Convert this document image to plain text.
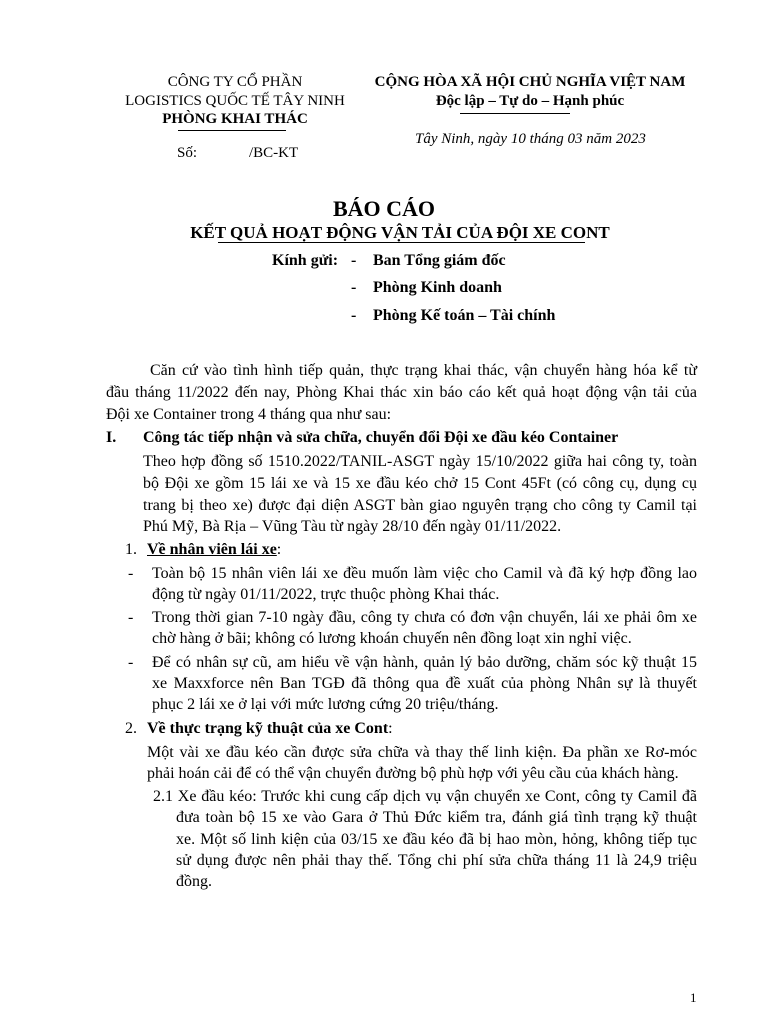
CÔNG TY CỔ PHẦN
LOGISTICS QUỐC TẾ TÂY NINH
PHÒNG KHAI THÁC
Số:	/BC-KT
CỘNG HÒA XÃ HỘI CHỦ NGHĨA VIỆT NAM
Độc lập – Tự do – Hạnh phúc
Tây Ninh, ngày 10 tháng 03 năm 2023
BÁO CÁO
KẾT QUẢ HOẠT ĐỘNG VẬN TẢI CỦA ĐỘI XE CONT
Kính gửi: - Ban Tổng giám đốc
- Phòng Kinh doanh
- Phòng Kế toán – Tài chính
Căn cứ vào tình hình tiếp quản, thực trạng khai thác, vận chuyển hàng hóa kể từ
đầu tháng 11/2022 đến nay, Phòng Khai thác xin báo cáo kết quả hoạt động vận tải của
Đội xe Container trong 4 tháng qua như sau:
I. Công tác tiếp nhận và sửa chữa, chuyển đổi Đội xe đầu kéo Container
Theo hợp đồng số 1510.2022/TANIL-ASGT ngày 15/10/2022 giữa hai công ty, toàn
bộ Đội xe gồm 15 lái xe và 15 xe đầu kéo chở 15 Cont 45Ft (có công cụ, dụng cụ
trang bị theo xe) được đại diện ASGT bàn giao nguyên trạng cho công ty Camil tại
Phú Mỹ, Bà Rịa – Vũng Tàu từ ngày 28/10 đến ngày 01/11/2022.
1. Về nhân viên lái xe:
- Toàn bộ 15 nhân viên lái xe đều muốn làm việc cho Camil và đã ký hợp đồng lao
động từ ngày 01/11/2022, trực thuộc phòng Khai thác.
- Trong thời gian 7-10 ngày đầu, công ty chưa có đơn vận chuyển, lái xe phải ôm xe
chờ hàng ở bãi; không có lương khoán chuyến nên đồng loạt xin nghỉ việc.
- Để có nhân sự cũ, am hiểu về vận hành, quản lý bảo dưỡng, chăm sóc kỹ thuật 15
xe Maxxforce nên Ban TGĐ đã thông qua đề xuất của phòng Nhân sự là thuyết
phục 2 lái xe ở lại với mức lương cứng 20 triệu/tháng.
2. Về thực trạng kỹ thuật của xe Cont:
Một vài xe đầu kéo cần được sửa chữa và thay thế linh kiện. Đa phần xe Rơ-móc
phải hoán cải để có thể vận chuyển đường bộ phù hợp với yêu cầu của khách hàng.
2.1 Xe đầu kéo: Trước khi cung cấp dịch vụ vận chuyển xe Cont, công ty Camil đã
đưa toàn bộ 15 xe vào Gara ở Thủ Đức kiểm tra, đánh giá tình trạng kỹ thuật
xe. Một số linh kiện của 03/15 xe đầu kéo đã bị hao mòn, hỏng, không tiếp tục
sử dụng được nên phải thay thế. Tổng chi phí sửa chữa tháng 11 là 24,9 triệu
đồng.
1
